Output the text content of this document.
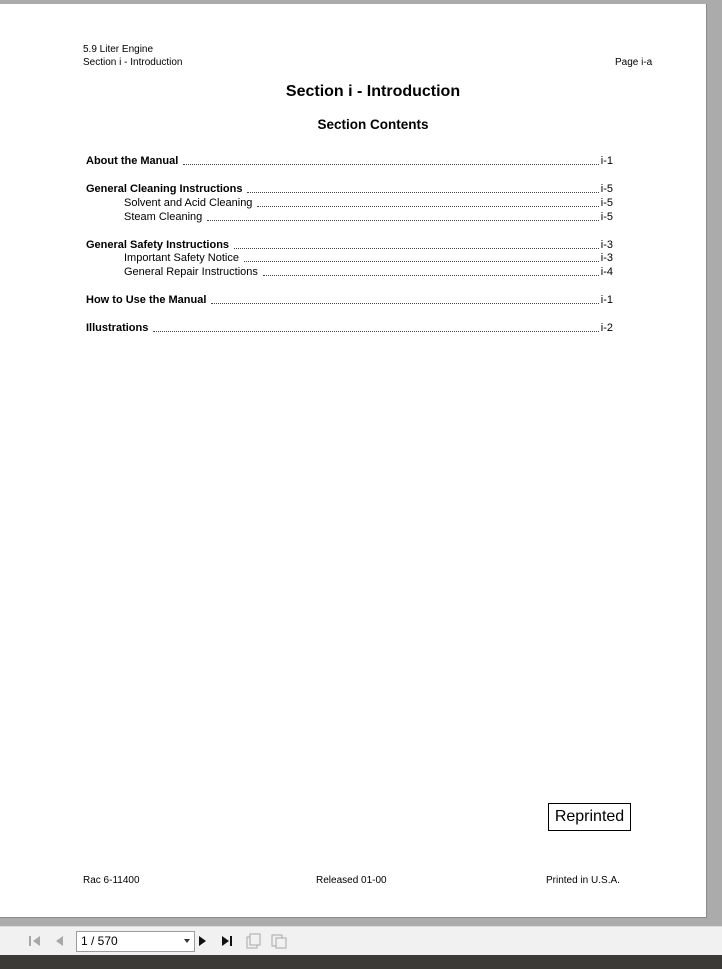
5.9 Liter Engine
Section i - Introduction	Page i-a
Section i - Introduction
Section Contents
About the Manual	i-1
General Cleaning Instructions	i-5
Solvent and Acid Cleaning	i-5
Steam Cleaning	i-5
General Safety Instructions	i-3
Important Safety Notice	i-3
General Repair Instructions	i-4
How to Use the Manual	i-1
Illustrations	i-2
Reprinted
Rac 6-11400	Released 01-00	Printed in U.S.A.
1 / 570
